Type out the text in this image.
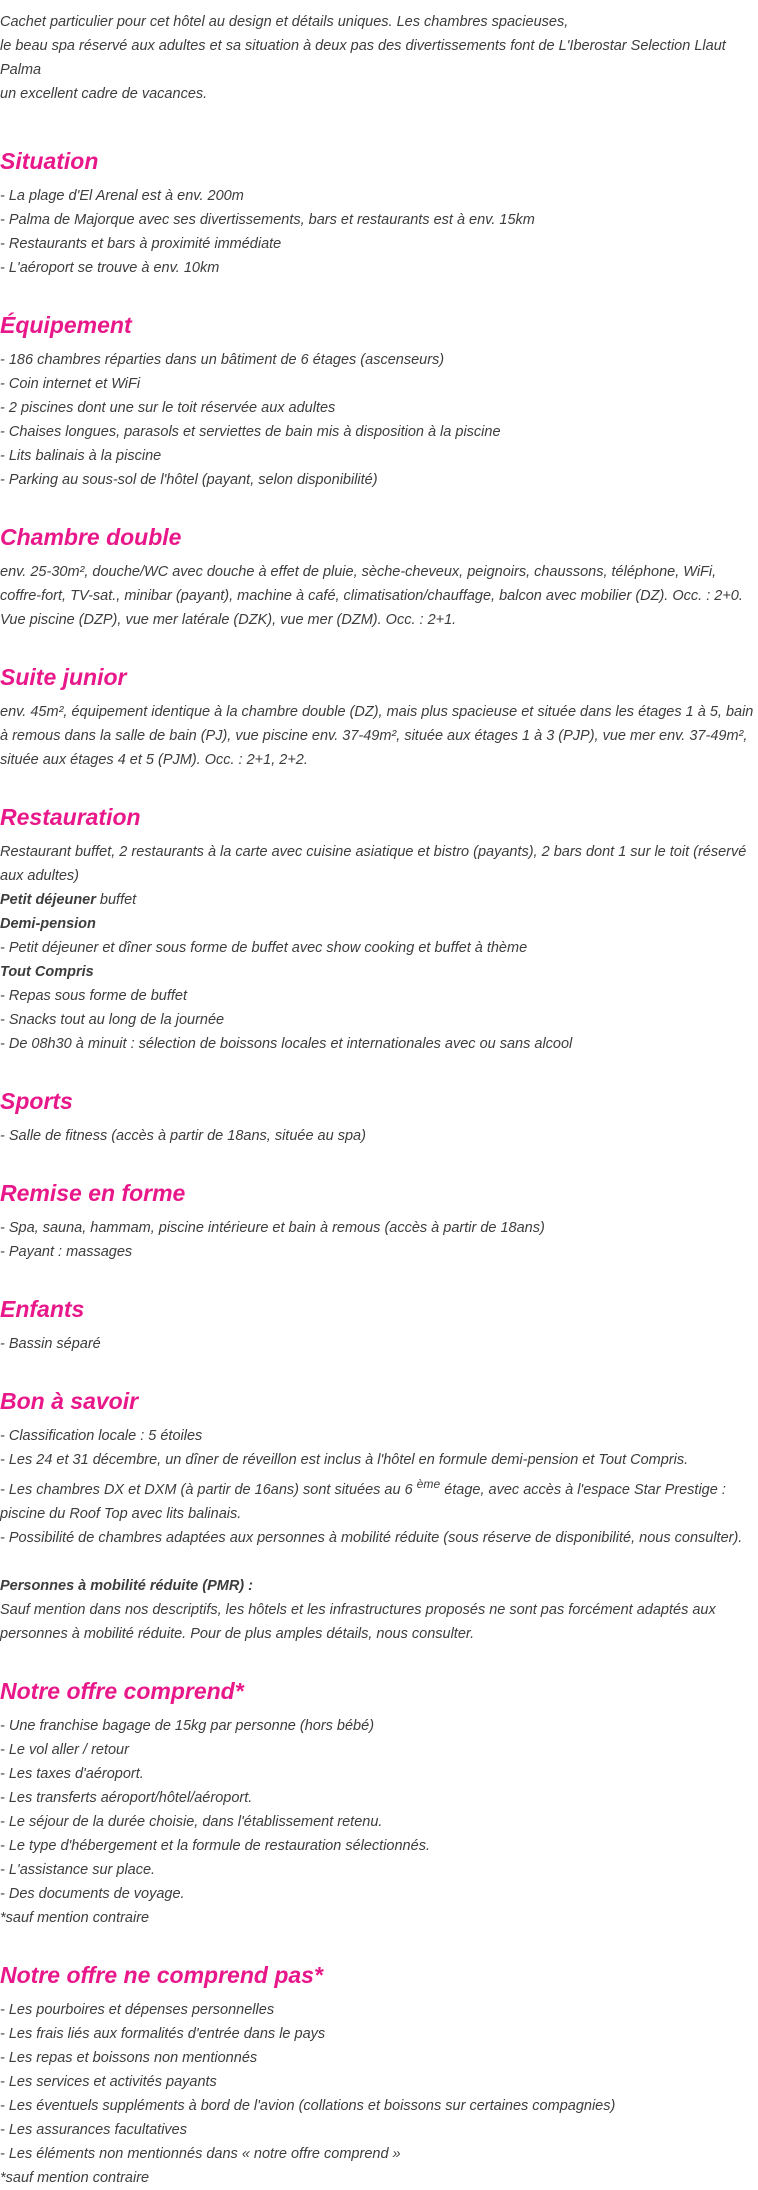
Cachet particulier pour cet hôtel au design et détails uniques. Les chambres spacieuses,

le beau spa réservé aux adultes et sa situation à deux pas des divertissements font de L'Iberostar Selection Llaut Palma

un excellent cadre de vacances.

Situation
- La plage d'El Arenal est à env. 200m
- Palma de Majorque avec ses divertissements, bars et restaurants est à env. 15km
- Restaurants et bars à proximité immédiate
- L'aéroport se trouve à env. 10km
Équipement
- 186 chambres réparties dans un bâtiment de 6 étages (ascenseurs)
- Coin internet et WiFi
- 2 piscines dont une sur le toit réservée aux adultes
- Chaises longues, parasols et serviettes de bain mis à disposition à la piscine
- Lits balinais à la piscine
- Parking au sous-sol de l'hôtel (payant, selon disponibilité)
Chambre double

env. 25-30m², douche/WC avec douche à effet de pluie, sèche-cheveux, peignoirs, chaussons, téléphone, WiFi, coffre-fort, TV-sat., minibar (payant), machine à café, climatisation/chauffage, balcon avec mobilier (DZ). Occ. : 2+0.

Vue piscine (DZP), vue mer latérale (DZK), vue mer (DZM). Occ. : 2+1.

Suite junior

env. 45m², équipement identique à la chambre double (DZ), mais plus spacieuse et située dans les étages 1 à 5, bain à remous dans la salle de bain (PJ), vue piscine env. 37-49m², située aux étages 1 à 3 (PJP), vue mer env. 37-49m², située aux étages 4 et 5 (PJM). Occ. : 2+1, 2+2.

Restauration

Restaurant buffet, 2 restaurants à la carte avec cuisine asiatique et bistro (payants), 2 bars dont 1 sur le toit (réservé aux adultes)

Petit déjeuner buffet

Demi-pension

- Petit déjeuner et dîner sous forme de buffet avec show cooking et buffet à thème

Tout Compris

- Repas sous forme de buffet

- Snacks tout au long de la journée

- De 08h30 à minuit : sélection de boissons locales et internationales avec ou sans alcool

Sports
- Salle de fitness (accès à partir de 18ans, située au spa)
Remise en forme
- Spa, sauna, hammam, piscine intérieure et bain à remous (accès à partir de 18ans)
- Payant : massages
Enfants
- Bassin séparé
Bon à savoir

- Classification locale : 5 étoiles

- Les 24 et 31 décembre, un dîner de réveillon est inclus à l'hôtel en formule demi-pension et Tout Compris.

- Les chambres DX et DXM (à partir de 16ans) sont situées au 6 $^{ème}$ étage, avec accès à l'espace Star Prestige : piscine du Roof Top avec lits balinais.

- Possibilité de chambres adaptées aux personnes à mobilité réduite (sous réserve de disponibilité, nous consulter).

Personnes à mobilité réduite (PMR) :

Sauf mention dans nos descriptifs, les hôtels et les infrastructures proposés ne sont pas forcément adaptés aux personnes à mobilité réduite. Pour de plus amples détails, nous consulter.

Notre offre comprend*
- Une franchise bagage de 15kg par personne (hors bébé)
- Le vol aller / retour
- Les taxes d'aéroport.
- Les transferts aéroport/hôtel/aéroport.
- Le séjour de la durée choisie, dans l'établissement retenu.
- Le type d'hébergement et la formule de restauration sélectionnés.
- L'assistance sur place.
- Des documents de voyage.
*sauf mention contraire
Notre offre ne comprend pas*
- Les pourboires et dépenses personnelles
- Les frais liés aux formalités d'entrée dans le pays
- Les repas et boissons non mentionnés
- Les services et activités payants
- Les éventuels suppléments à bord de l'avion (collations et boissons sur certaines compagnies)
- Les assurances facultatives
- Les éléments non mentionnés dans « notre offre comprend »
*sauf mention contraire
